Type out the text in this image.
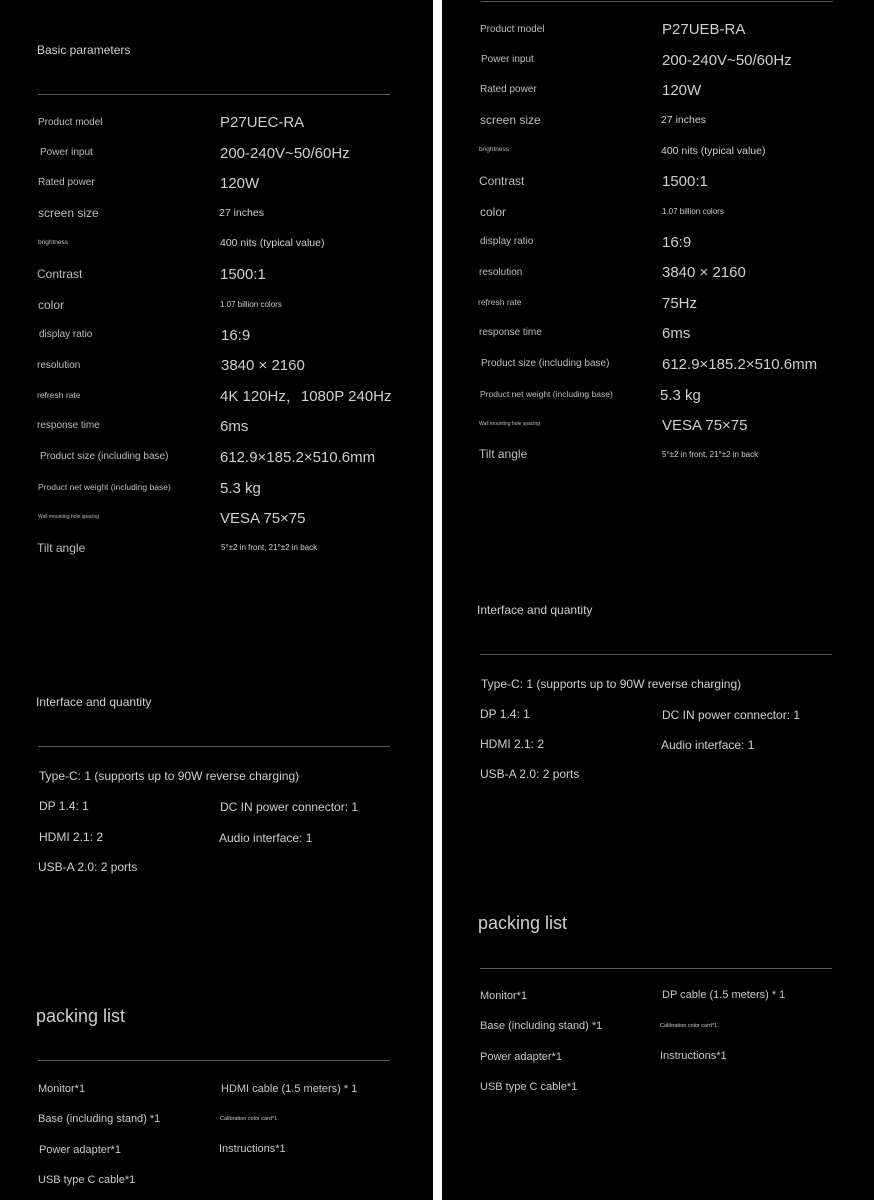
Basic parameters
Product model	P27UEC-RA
Power input	200-240V~50/60Hz
Rated power	120W
screen size	27 inches
brightness	400 nits (typical value)
Contrast	1500:1
color	1.07 billion colors
display ratio	16:9
resolution	3840 × 2160
refresh rate	4K 120Hz，1080P 240Hz
response time	6ms
Product size (including base)	612.9×185.2×510.6mm
Product net weight (including base)	5.3 kg
Wall mounting hole spacing	VESA 75×75
Tilt angle	5°±2 in front, 21°±2 in back
Interface and quantity
Type-C: 1 (supports up to 90W reverse charging)
DP 1.4: 1	DC IN power connector: 1
HDMI 2.1: 2	Audio interface: 1
USB-A 2.0: 2 ports
packing list
Monitor*1	HDMI cable (1.5 meters) * 1
Base (including stand) *1	Calibration color card*1
Power adapter*1	Instructions*1
USB type C cable*1
Product model	P27UEB-RA
Power input	200-240V~50/60Hz
Rated power	120W
screen size	27 inches
brightness	400 nits (typical value)
Contrast	1500:1
color	1.07 billion colors
display ratio	16:9
resolution	3840 × 2160
refresh rate	75Hz
response time	6ms
Product size (including base)	612.9×185.2×510.6mm
Product net weight (including base)	5.3 kg
Wall mounting hole spacing	VESA 75×75
Tilt angle	5°±2 in front, 21°±2 in back
Interface and quantity
Type-C: 1 (supports up to 90W reverse charging)
DP 1.4: 1	DC IN power connector: 1
HDMI 2.1: 2	Audio interface: 1
USB-A 2.0: 2 ports
packing list
Monitor*1	DP cable (1.5 meters) * 1
Base (including stand) *1	Calibration color card*1
Power adapter*1	Instructions*1
USB type C cable*1
